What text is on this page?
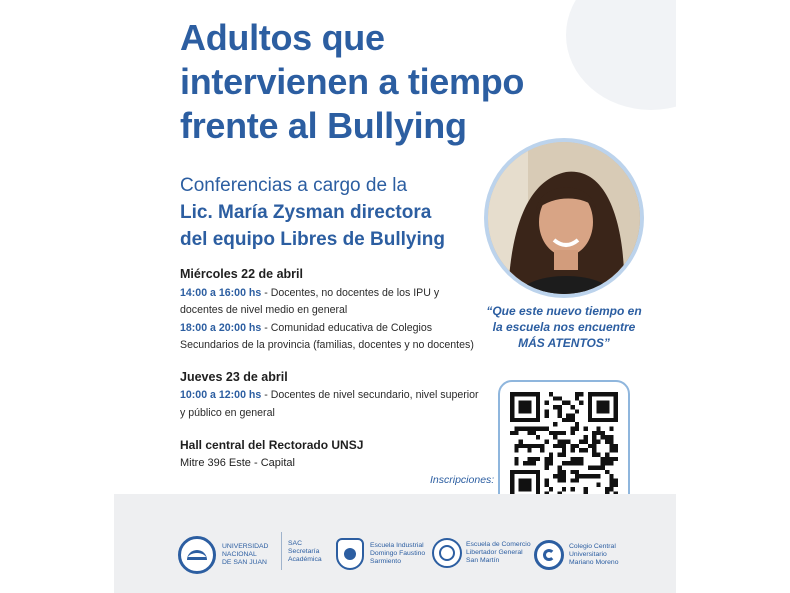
Adultos que
intervienen a tiempo
frente al Bullying
Conferencias a cargo de la
Lic. María Zysman directora
del equipo Libres de Bullying
“Que este nuevo tiempo en
la escuela nos encuentre
MÁS ATENTOS”
Miércoles 22 de abril
14:00 a 16:00 hs - Docentes, no docentes de los IPU y
docentes de nivel medio en general
18:00 a 20:00 hs - Comunidad educativa de Colegios
Secundarios de la provincia (familias, docentes y no docentes)
Jueves 23 de abril
10:00 a 12:00 hs - Docentes de nivel secundario, nivel superior
y público en general
Hall central del Rectorado UNSJ
Mitre 396 Este - Capital
Inscripciones:
UNIVERSIDAD
NACIONAL
DE SAN JUAN
SAC
Secretaría
Académica
Escuela Industrial
Domingo Faustino
Sarmiento
Escuela de Comercio
Libertador General
San Martín
Colegio Central
Universitario
Mariano Moreno
